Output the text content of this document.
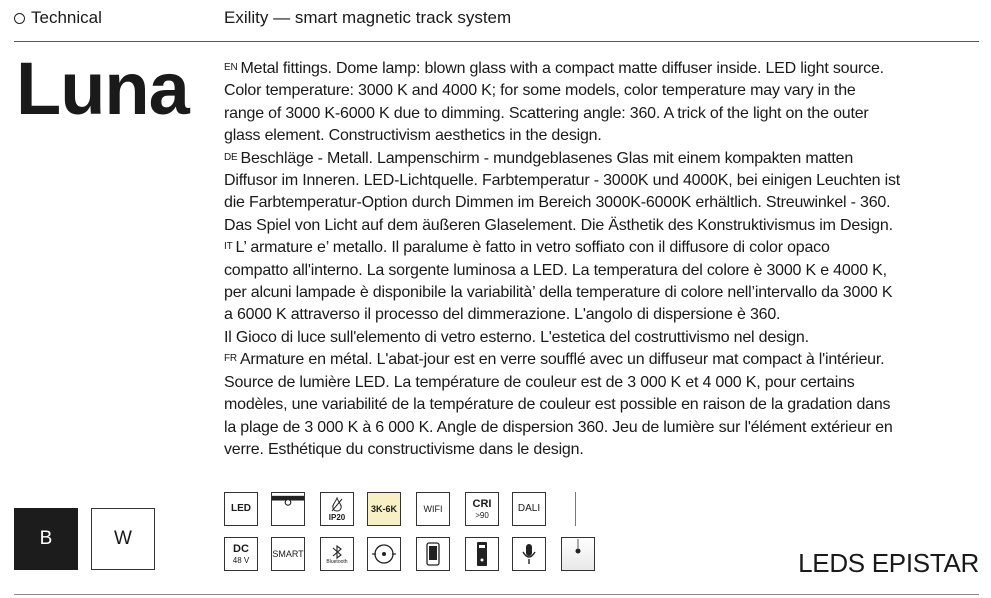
Technical	Exility — smart magnetic track system
Luna	$^{EN}$ Metal fittings. Dome lamp: blown glass with a compact matte diffuser inside. LED light source.

Color temperature: 3000 K and 4000 K; for some models, color temperature may vary in the

range of 3000 K-6000 K due to dimming. Scattering angle: 360. A trick of the light on the outer

glass element. Constructivism aesthetics in the design.

$^{DE}$ Beschläge - Metall. Lampenschirm - mundgeblasenes Glas mit einem kompakten matten

Diffusor im Inneren. LED-Lichtquelle. Farbtemperatur - 3000K und 4000K, bei einigen Leuchten ist

die Farbtemperatur-Option durch Dimmen im Bereich 3000K-6000K erhältlich. Streuwinkel - 360.

Das Spiel von Licht auf dem äußeren Glaselement. Die Ästhetik des Konstruktivismus im Design.

$^{IT}$ L’ armature e’ metallo. Il paralume è fatto in vetro soffiato con il diffusore di color opaco

compatto all'interno. La sorgente luminosa a LED. La temperatura del colore è 3000 K e 4000 K,

per alcuni lampade è disponibile la variabilità’ della temperature di colore nell’intervallo da 3000 K

a 6000 K attraverso il processo del dimmerazione. L'angolo di dispersione è 360.

Il Gioco di luce sull'elemento di vetro esterno. L'estetica del costruttivismo nel design.

$^{FR}$ Armature en métal. L'abat-jour est en verre soufflé avec un diffuseur mat compact à l'intérieur.

Source de lumière LED. La température de couleur est de 3 000 K et 4 000 K, pour certains

modèles, une variabilité de la température de couleur est possible en raison de la gradation dans

la plage de 3 000 K à 6 000 K. Angle de dispersion 360. Jeu de lumière sur l'élément extérieur en

verre. Esthétique du constructivisme dans le design.

B	W
LED
IP20
3K-6K	WIFI	CRI
>90
DALI
DC
48 V
SMART
Bluetooth	LEDS EPISTAR
